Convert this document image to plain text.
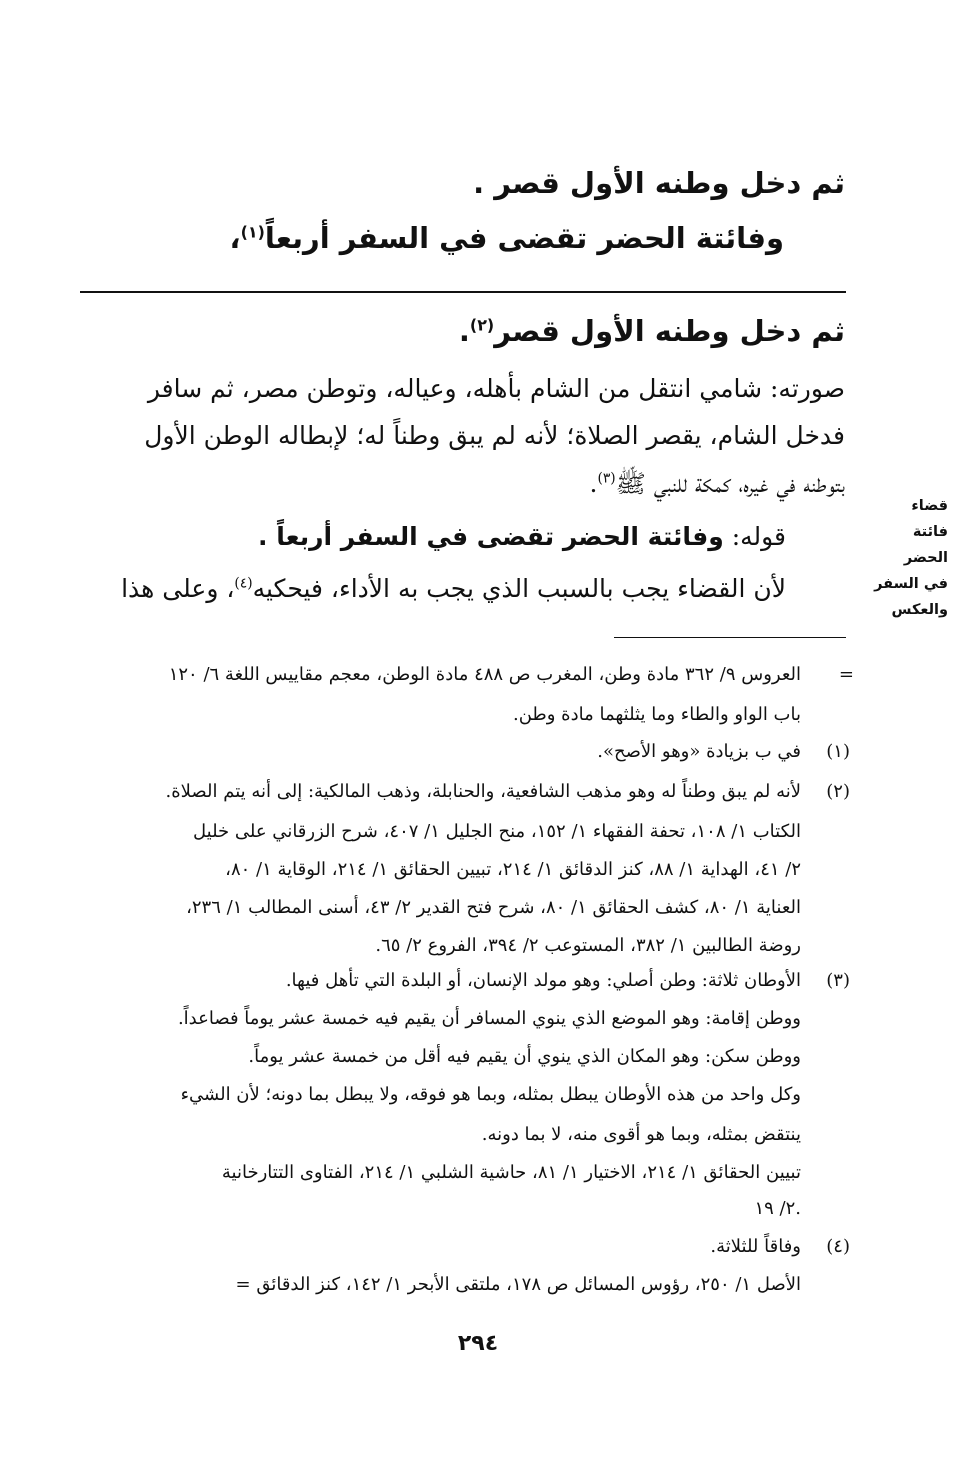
ثم دخل وطنه الأول قصر .
وفائتة الحضر تقضى في السفر أربعاً$^{(١)}$،
ثم دخل وطنه الأول قصر$^{(٢)}$.
صورته: شامي انتقل من الشام بأهله، وعياله، وتوطن مصر، ثم سافر
فدخل الشام، يقصر الصلاة؛ لأنه لم يبق وطناً له؛ لإبطاله الوطن الأول
بتوطنه في غيره، كمكة للنبي ﷺ$^{(٣)}$.
قوله: وفائتة الحضر تقضى في السفر أربعاً .
لأن القضاء يجب بالسبب الذي يجب به الأداء، فيحكيه$^{(٤)}$، وعلى هذا
قضاء
فائتة
الحضر
في السفر
والعكس
=
العروس ٩/ ٣٦٢ مادة وطن، المغرب ص ٤٨٨ مادة الوطن، معجم مقاييس اللغة ٦/ ١٢٠
باب الواو والطاء وما يثلثهما مادة وطن.
(١)
في ب بزيادة «وهو الأصح».
(٢)
لأنه لم يبق وطناً له وهو مذهب الشافعية، والحنابلة، وذهب المالكية: إلى أنه يتم الصلاة.
الكتاب ١/ ١٠٨، تحفة الفقهاء ١/ ١٥٢، منح الجليل ١/ ٤٠٧، شرح الزرقاني على خليل
٢/ ٤١، الهداية ١/ ٨٨، كنز الدقائق ١/ ٢١٤، تبيين الحقائق ١/ ٢١٤، الوقاية ١/ ٨٠،
العناية ١/ ٨٠، كشف الحقائق ١/ ٨٠، شرح فتح القدير ٢/ ٤٣، أسنى المطالب ١/ ٢٣٦،
روضة الطالبين ١/ ٣٨٢، المستوعب ٢/ ٣٩٤، الفروع ٢/ ٦٥.
(٣)
الأوطان ثلاثة: وطن أصلي: وهو مولد الإنسان، أو البلدة التي تأهل فيها.
ووطن إقامة: وهو الموضع الذي ينوي المسافر أن يقيم فيه خمسة عشر يوماً فصاعداً.
ووطن سكن: وهو المكان الذي ينوي أن يقيم فيه أقل من خمسة عشر يوماً.
وكل واحد من هذه الأوطان يبطل بمثله، وبما هو فوقه، ولا يبطل بما دونه؛ لأن الشيء
ينتقض بمثله، وبما هو أقوى منه، لا بما دونه.
تبيين الحقائق ١/ ٢١٤، الاختيار ١/ ٨١، حاشية الشلبي ١/ ٢١٤، الفتاوى التتارخانية
٢/ ١٩.
(٤)
وفاقاً للثلاثة.
الأصل ١/ ٢٥٠، رؤوس المسائل ص ١٧٨، ملتقى الأبحر ١/ ١٤٢، كنز الدقائق =
٢٩٤
